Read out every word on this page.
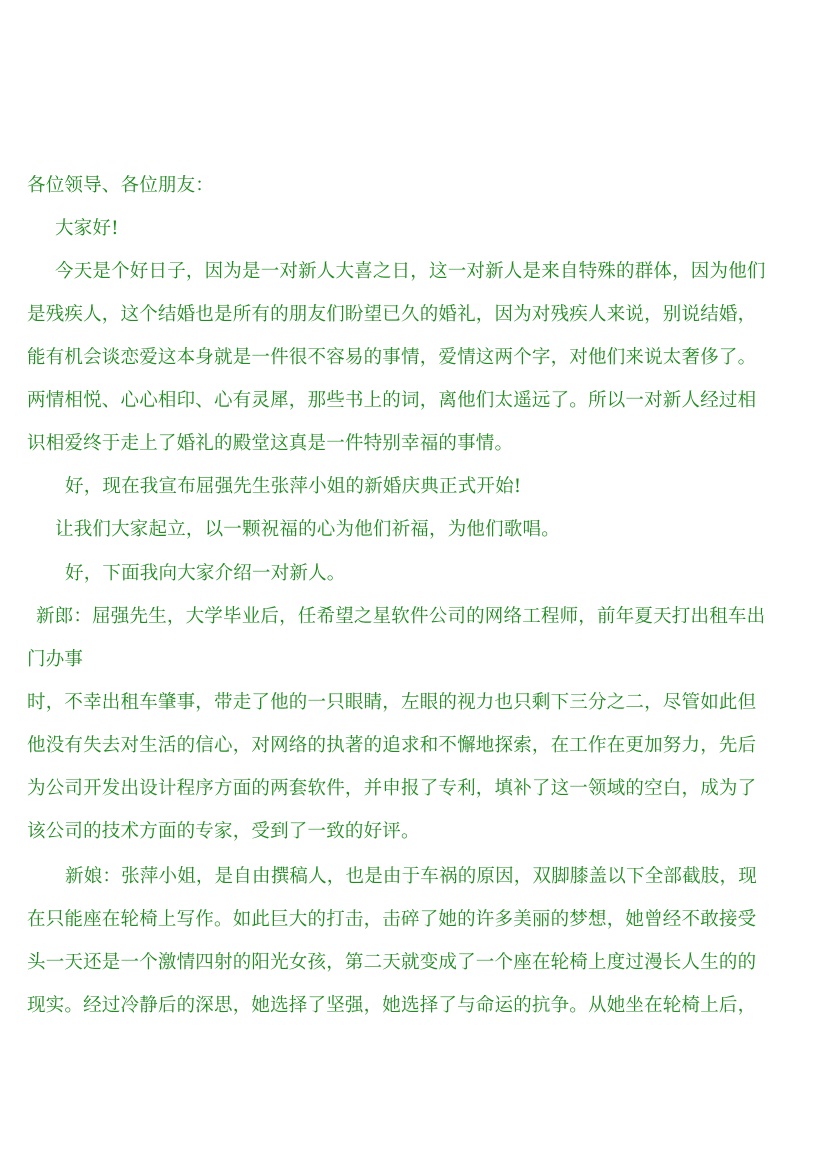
各位领导、各位朋友：
大家好!
今天是个好日子，因为是一对新人大喜之日，这一对新人是来自特殊的群体，因为他们
是残疾人，这个结婚也是所有的朋友们盼望已久的婚礼，因为对残疾人来说，别说结婚，
能有机会谈恋爱这本身就是一件很不容易的事情，爱情这两个字，对他们来说太奢侈了。
两情相悦、心心相印、心有灵犀，那些书上的词，离他们太遥远了。所以一对新人经过相
识相爱终于走上了婚礼的殿堂这真是一件特别幸福的事情。
好，现在我宣布屈强先生张萍小姐的新婚庆典正式开始!
让我们大家起立，以一颗祝福的心为他们祈福，为他们歌唱。
好，下面我向大家介绍一对新人。
新郎：屈强先生，大学毕业后，任希望之星软件公司的网络工程师，前年夏天打出租车出
门办事
时，不幸出租车肇事，带走了他的一只眼睛，左眼的视力也只剩下三分之二，尽管如此但
他没有失去对生活的信心，对网络的执著的追求和不懈地探索，在工作在更加努力，先后
为公司开发出设计程序方面的两套软件，并申报了专利，填补了这一领域的空白，成为了
该公司的技术方面的专家，受到了一致的好评。
新娘：张萍小姐，是自由撰稿人，也是由于车祸的原因，双脚膝盖以下全部截肢，现
在只能座在轮椅上写作。如此巨大的打击，击碎了她的许多美丽的梦想，她曾经不敢接受
头一天还是一个激情四射的阳光女孩，第二天就变成了一个座在轮椅上度过漫长人生的的
现实。经过冷静后的深思，她选择了坚强，她选择了与命运的抗争。从她坐在轮椅上后，
